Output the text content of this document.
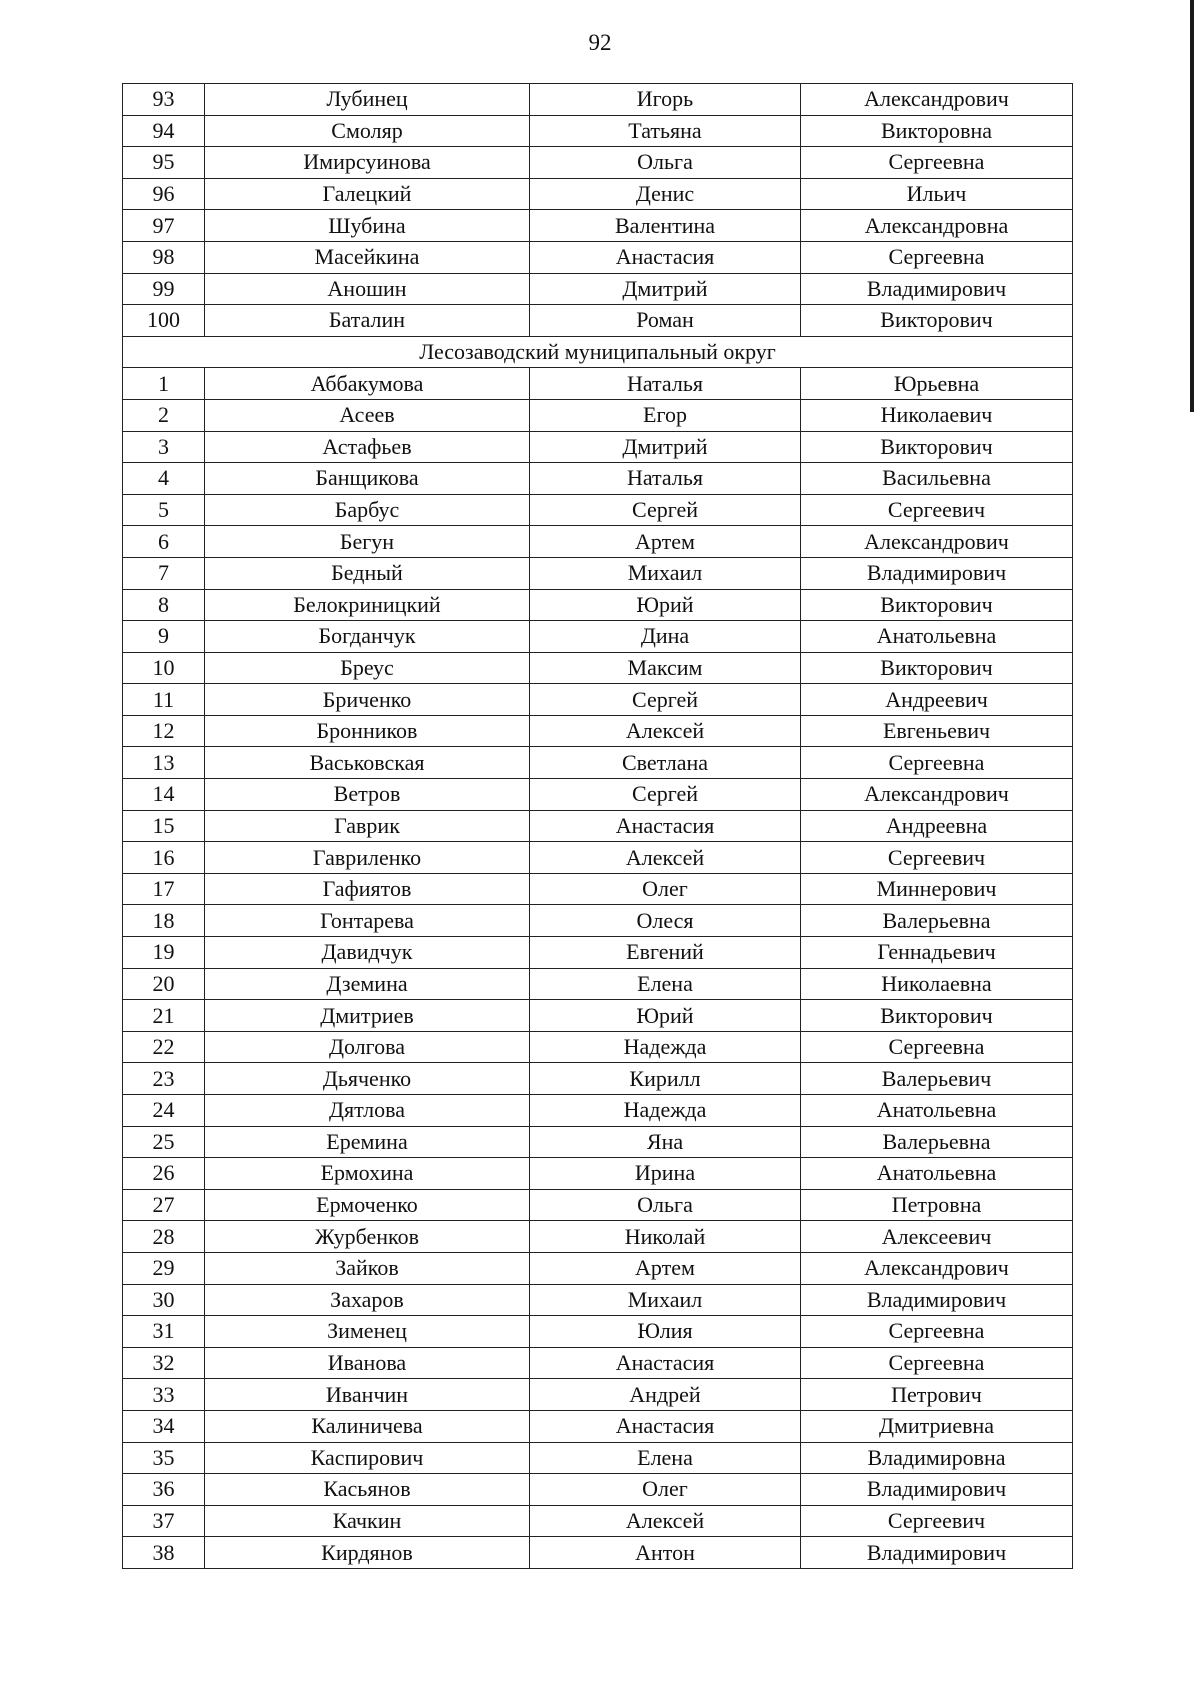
92
93	Лубинец	Игорь	Александрович
94	Смоляр	Татьяна	Викторовна
95	Имирсуинова	Ольга	Сергеевна
96	Галецкий	Денис	Ильич
97	Шубина	Валентина	Александровна
98	Масейкина	Анастасия	Сергеевна
99	Аношин	Дмитрий	Владимирович
100	Баталин	Роман	Викторович
Лесозаводский муниципальный округ			
1	Аббакумова	Наталья	Юрьевна
2	Асеев	Егор	Николаевич
3	Астафьев	Дмитрий	Викторович
4	Банщикова	Наталья	Васильевна
5	Барбус	Сергей	Сергеевич
6	Бегун	Артем	Александрович
7	Бедный	Михаил	Владимирович
8	Белокриницкий	Юрий	Викторович
9	Богданчук	Дина	Анатольевна
10	Бреус	Максим	Викторович
11	Бриченко	Сергей	Андреевич
12	Бронников	Алексей	Евгеньевич
13	Васьковская	Светлана	Сергеевна
14	Ветров	Сергей	Александрович
15	Гаврик	Анастасия	Андреевна
16	Гавриленко	Алексей	Сергеевич
17	Гафиятов	Олег	Миннерович
18	Гонтарева	Олеся	Валерьевна
19	Давидчук	Евгений	Геннадьевич
20	Дземина	Елена	Николаевна
21	Дмитриев	Юрий	Викторович
22	Долгова	Надежда	Сергеевна
23	Дьяченко	Кирилл	Валерьевич
24	Дятлова	Надежда	Анатольевна
25	Еремина	Яна	Валерьевна
26	Ермохина	Ирина	Анатольевна
27	Ермоченко	Ольга	Петровна
28	Журбенков	Николай	Алексеевич
29	Зайков	Артем	Александрович
30	Захаров	Михаил	Владимирович
31	Зименец	Юлия	Сергеевна
32	Иванова	Анастасия	Сергеевна
33	Иванчин	Андрей	Петрович
34	Калиничева	Анастасия	Дмитриевна
35	Каспирович	Елена	Владимировна
36	Касьянов	Олег	Владимирович
37	Качкин	Алексей	Сергеевич
38	Кирдянов	Антон	Владимирович
